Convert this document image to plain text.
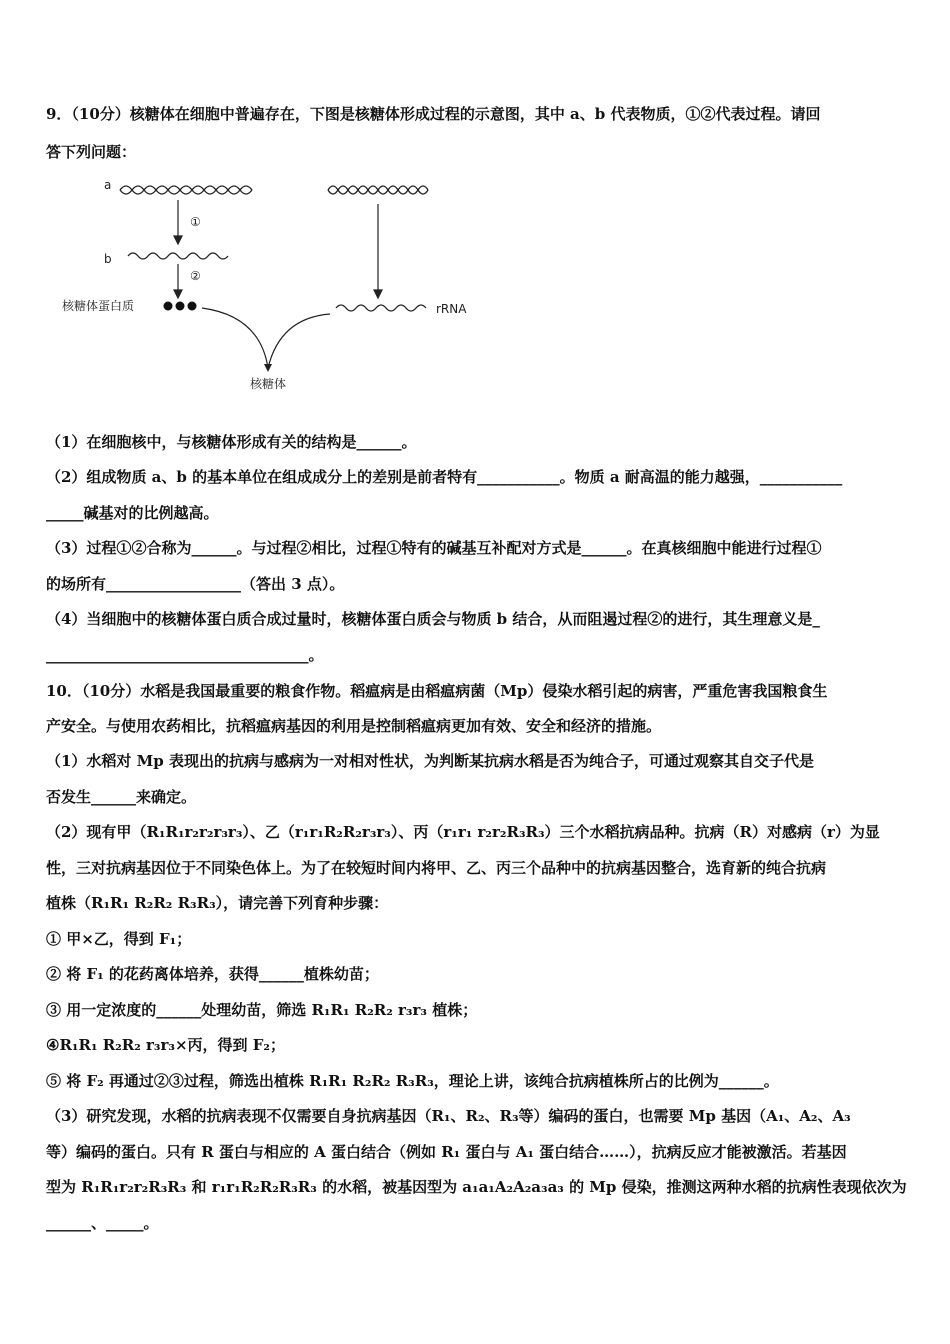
9．（10分）核糖体在细胞中普遍存在，下图是核糖体形成过程的示意图，其中 a、b 代表物质，①②代表过程。请回
答下列问题：
a
①
b
②
核糖体蛋白质	rRNA
核糖体
（1）在细胞核中，与核糖体形成有关的结构是______。
（2）组成物质 a、b 的基本单位在组成成分上的差别是前者特有___________。物质 a 耐高温的能力越强，___________
_____碱基对的比例越高。
（3）过程①②合称为______。与过程②相比，过程①特有的碱基互补配对方式是______。在真核细胞中能进行过程①
的场所有__________________（答出 3 点）。
（4）当细胞中的核糖体蛋白质合成过量时，核糖体蛋白质会与物质 b 结合，从而阻遏过程②的进行，其生理意义是_
___________________________________。
10．（10分）水稻是我国最重要的粮食作物。稻瘟病是由稻瘟病菌（Mp）侵染水稻引起的病害，严重危害我国粮食生
产安全。与使用农药相比，抗稻瘟病基因的利用是控制稻瘟病更加有效、安全和经济的措施。
（1）水稻对 Mp 表现出的抗病与感病为一对相对性状，为判断某抗病水稻是否为纯合子，可通过观察其自交子代是
否发生______来确定。
（2）现有甲（R₁R₁r₂r₂r₃r₃）、乙（r₁r₁R₂R₂r₃r₃）、丙（r₁r₁ r₂r₂R₃R₃）三个水稻抗病品种。抗病（R）对感病（r）为显
性，三对抗病基因位于不同染色体上。为了在较短时间内将甲、乙、丙三个品种中的抗病基因整合，选育新的纯合抗病
植株（R₁R₁ R₂R₂ R₃R₃），请完善下列育种步骤：
① 甲×乙，得到 F₁；
② 将 F₁ 的花药离体培养，获得______植株幼苗；
③ 用一定浓度的______处理幼苗，筛选 R₁R₁ R₂R₂ r₃r₃ 植株；
④R₁R₁ R₂R₂ r₃r₃×丙，得到 F₂；
⑤ 将 F₂ 再通过②③过程，筛选出植株 R₁R₁ R₂R₂ R₃R₃，理论上讲，该纯合抗病植株所占的比例为______。
（3）研究发现，水稻的抗病表现不仅需要自身抗病基因（R₁、R₂、R₃等）编码的蛋白，也需要 Mp 基因（A₁、A₂、A₃
等）编码的蛋白。只有 R 蛋白与相应的 A 蛋白结合（例如 R₁ 蛋白与 A₁ 蛋白结合……），抗病反应才能被激活。若基因
型为 R₁R₁r₂r₂R₃R₃ 和 r₁r₁R₂R₂R₃R₃ 的水稻，被基因型为 a₁a₁A₂A₂a₃a₃ 的 Mp 侵染，推测这两种水稻的抗病性表现依次为
______、_____。
